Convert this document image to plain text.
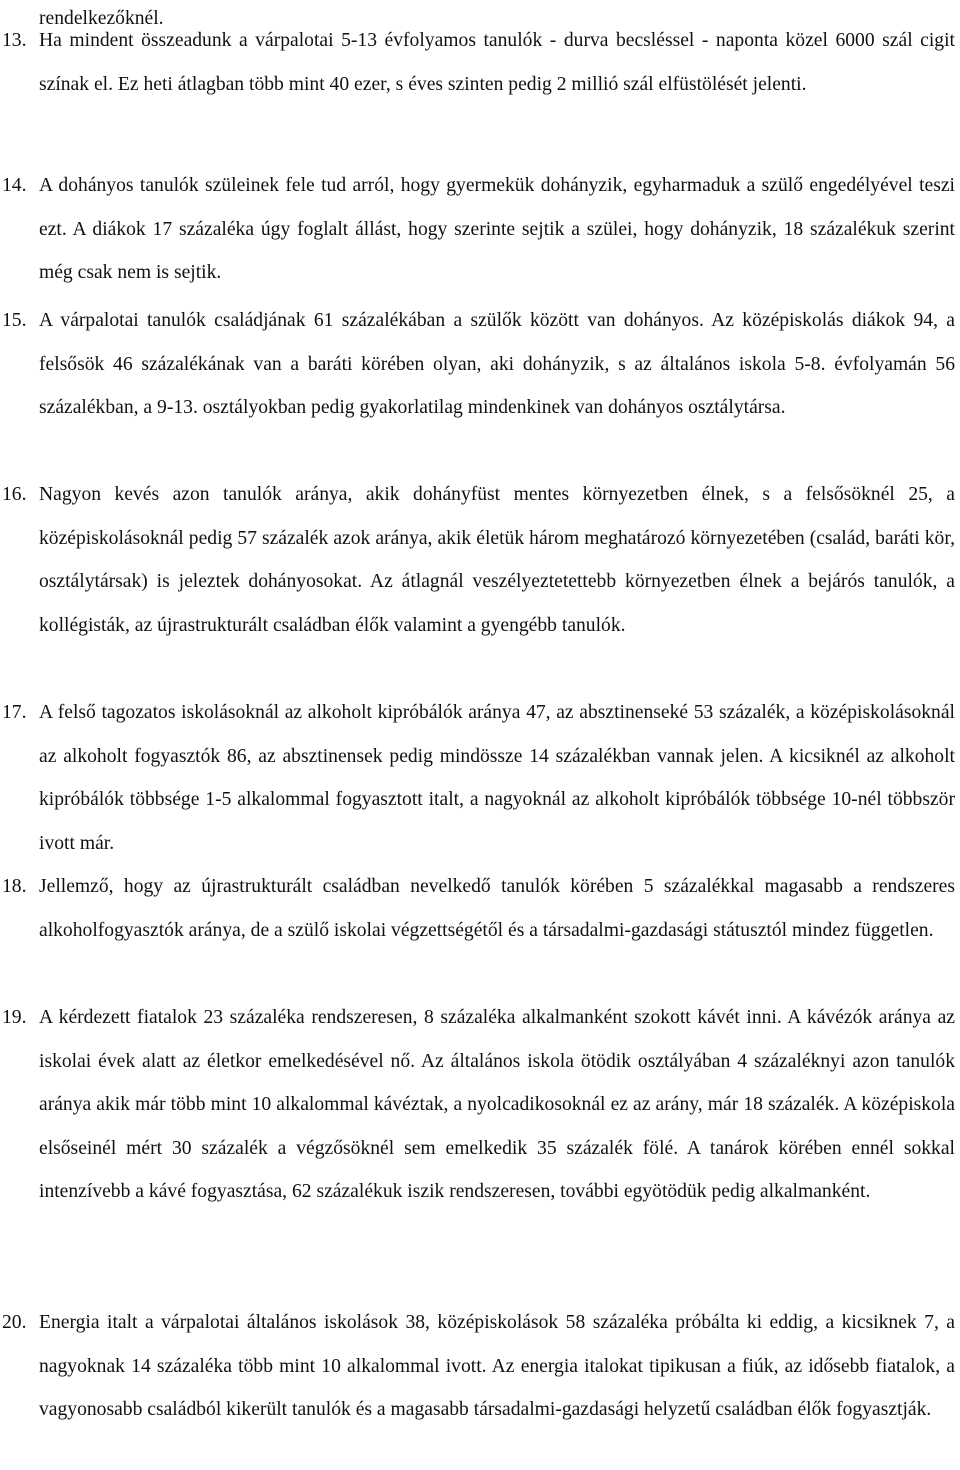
rendelkezőknél.

13. Ha mindent összeadunk a várpalotai 5-13 évfolyamos tanulók - durva becsléssel - naponta közel 6000 szál cigit színak el. Ez heti átlagban több mint 40 ezer, s éves szinten pedig 2 millió szál elfüstölését jelenti.

14. A dohányos tanulók szüleinek fele tud arról, hogy gyermekük dohányzik, egyharmaduk a szülő engedélyével teszi ezt. A diákok 17 százaléka úgy foglalt állást, hogy szerinte sejtik a szülei, hogy dohányzik, 18 százalékuk szerint még csak nem is sejtik.

15. A várpalotai tanulók családjának 61 százalékában a szülők között van dohányos. Az középiskolás diákok 94, a felsősök 46 százalékának van a baráti körében olyan, aki dohányzik, s az általános iskola 5-8. évfolyamán 56 százalékban, a 9-13. osztályokban pedig gyakorlatilag mindenkinek van dohányos osztálytársa.

16. Nagyon kevés azon tanulók aránya, akik dohányfüst mentes környezetben élnek, s a felsősöknél 25, a középiskolásoknál pedig 57 százalék azok aránya, akik életük három meghatározó környezetében (család, baráti kör, osztálytársak) is jeleztek dohányosokat. Az átlagnál veszélyeztetettebb környezetben élnek a bejárós tanulók, a kollégisták, az újrastrukturált családban élők valamint a gyengébb tanulók.

17. A felső tagozatos iskolásoknál az alkoholt kipróbálók aránya 47, az absztinenseké 53 százalék, a középiskolásoknál az alkoholt fogyasztók 86, az absztinensek pedig mindössze 14 százalékban vannak jelen. A kicsiknél az alkoholt kipróbálók többsége 1-5 alkalommal fogyasztott italt, a nagyoknál az alkoholt kipróbálók többsége 10-nél többször ivott már.

18. Jellemző, hogy az újrastrukturált családban nevelkedő tanulók körében 5 százalékkal magasabb a rendszeres alkoholfogyasztók aránya, de a szülő iskolai végzettségétől és a társadalmi-gazdasági státusztól mindez független.

19. A kérdezett fiatalok 23 százaléka rendszeresen, 8 százaléka alkalmanként szokott kávét inni. A kávézók aránya az iskolai évek alatt az életkor emelkedésével nő. Az általános iskola ötödik osztályában 4 százaléknyi azon tanulók aránya akik már több mint 10 alkalommal kávéztak, a nyolcadikosoknál ez az arány, már 18 százalék. A középiskola elsőseinél mért 30 százalék a végzősöknél sem emelkedik 35 százalék fölé. A tanárok körében ennél sokkal intenzívebb a kávé fogyasztása, 62 százalékuk iszik rendszeresen, további egyötödük pedig alkalmanként.

20. Energia italt a várpalotai általános iskolások 38, középiskolások 58 százaléka próbálta ki eddig, a kicsiknek 7, a nagyoknak 14 százaléka több mint 10 alkalommal ivott. Az energia italokat tipikusan a fiúk, az idősebb fiatalok, a vagyonosabb családból kikerült tanulók és a magasabb társadalmi-gazdasági helyzetű családban élők fogyasztják.
